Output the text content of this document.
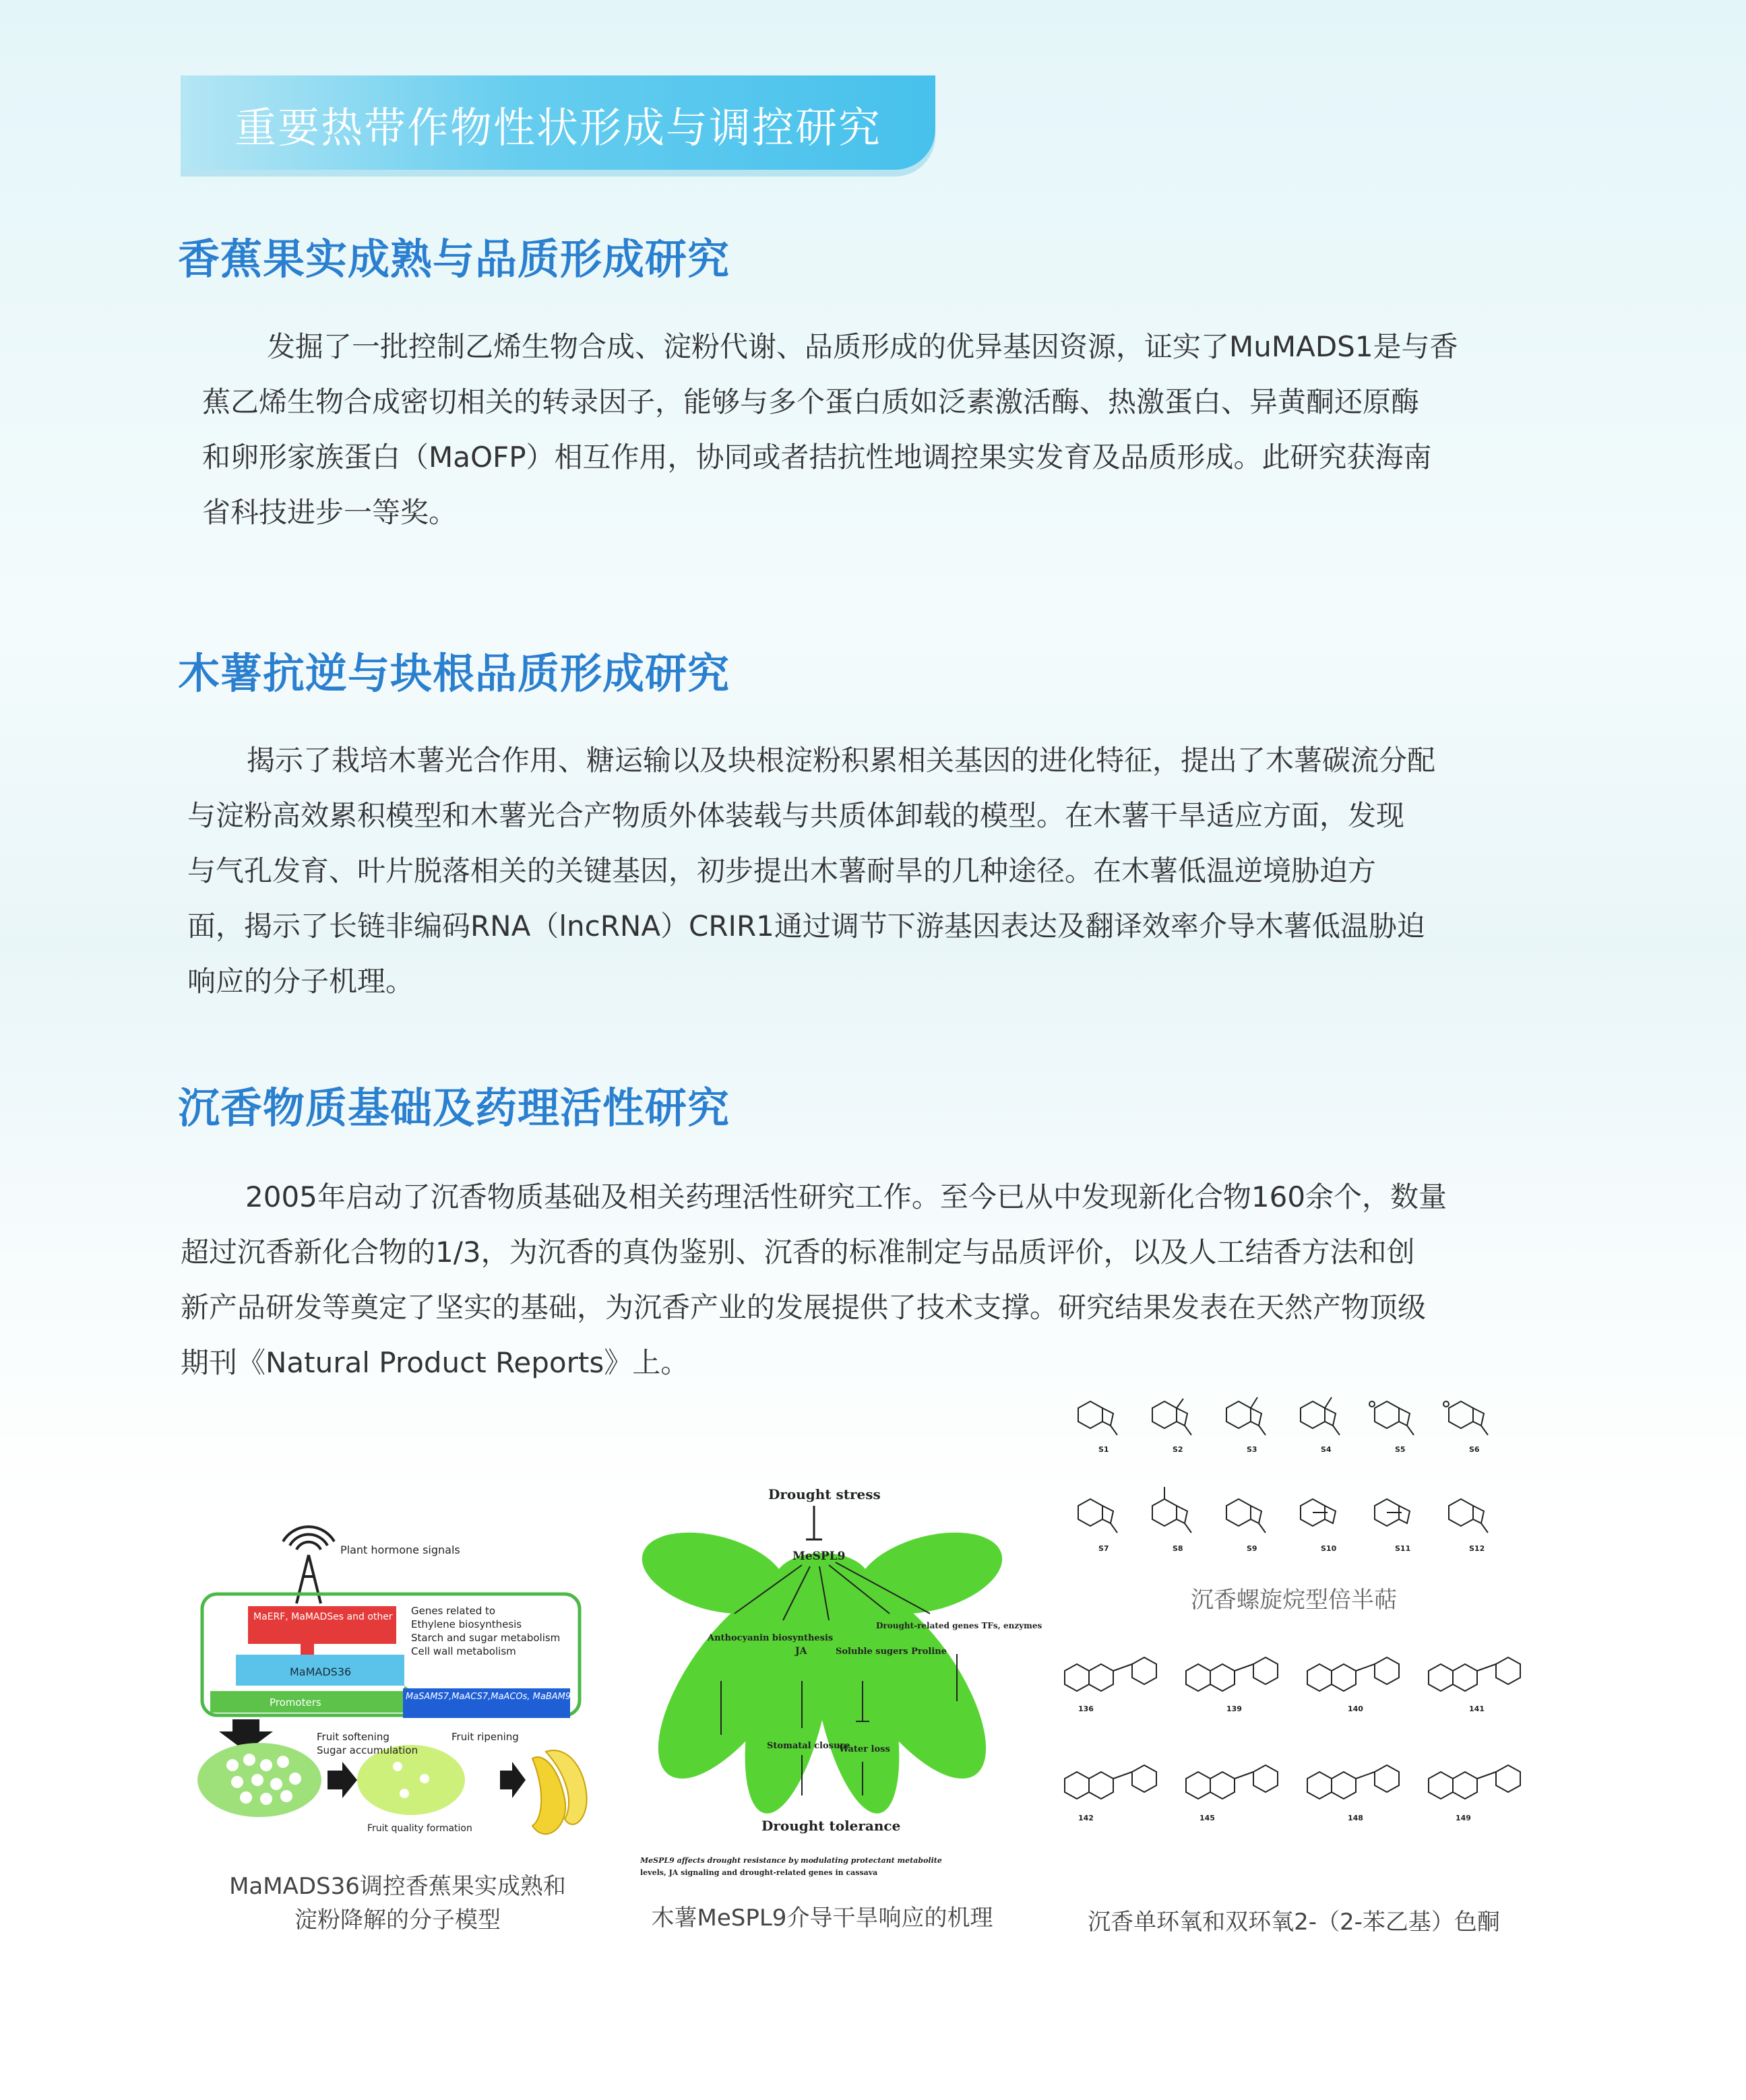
重要热带作物性状形成与调控研究
香蕉果实成熟与品质形成研究
发掘了一批控制乙烯生物合成、淀粉代谢、品质形成的优异基因资源，证实了MuMADS1是与香
蕉乙烯生物合成密切相关的转录因子，能够与多个蛋白质如泛素激活酶、热激蛋白、异黄酮还原酶
和卵形家族蛋白（MaOFP）相互作用，协同或者拮抗性地调控果实发育及品质形成。此研究获海南
省科技进步一等奖。
木薯抗逆与块根品质形成研究
揭示了栽培木薯光合作用、糖运输以及块根淀粉积累相关基因的进化特征，提出了木薯碳流分配
与淀粉高效累积模型和木薯光合产物质外体装载与共质体卸载的模型。在木薯干旱适应方面，发现
与气孔发育、叶片脱落相关的关键基因，初步提出木薯耐旱的几种途径。在木薯低温逆境胁迫方
面，揭示了长链非编码RNA（lncRNA）CRIR1通过调节下游基因表达及翻译效率介导木薯低温胁迫
响应的分子机理。
沉香物质基础及药理活性研究
2005年启动了沉香物质基础及相关药理活性研究工作。至今已从中发现新化合物160余个，数量
超过沉香新化合物的1/3，为沉香的真伪鉴别、沉香的标准制定与品质评价，以及人工结香方法和创
新产品研发等奠定了坚实的基础，为沉香产业的发展提供了技术支撑。研究结果发表在天然产物顶级
期刊《Natural Product Reports》上。
Plant hormone signals
MaERF, MaMADSes and other proteins
MaMADS36
Promoters
Genes related to
Ethylene biosynthesis
Starch and sugar metabolism
Cell wall metabolism
MaSAMS7,MaACS7,MaACOs, MaBAM9b, MaINVI, MaPG, etc.
Fruit softening
Sugar accumulation
Fruit ripening
Fruit quality formation
MaMADS36调控香蕉果实成熟和
淀粉降解的分子模型
Drought stress
MeSPL9
Anthocyanin biosynthesis
JA	Soluble sugers Proline
Drought-related genes TFs, enzymes
Stomatal closure
Water loss
Drought tolerance
MeSPL9 affects drought resistance by modulating protectant metabolite
levels, JA signaling and drought-related genes in cassava
木薯MeSPL9介导干旱响应的机理
S1	S2	S3	S4	S5	S6
S7	S8	S9	S10	S11	S12
沉香螺旋烷型倍半萜
136	139	140	141
142	145	148	149
沉香单环氧和双环氧2-（2-苯乙基）色酮
